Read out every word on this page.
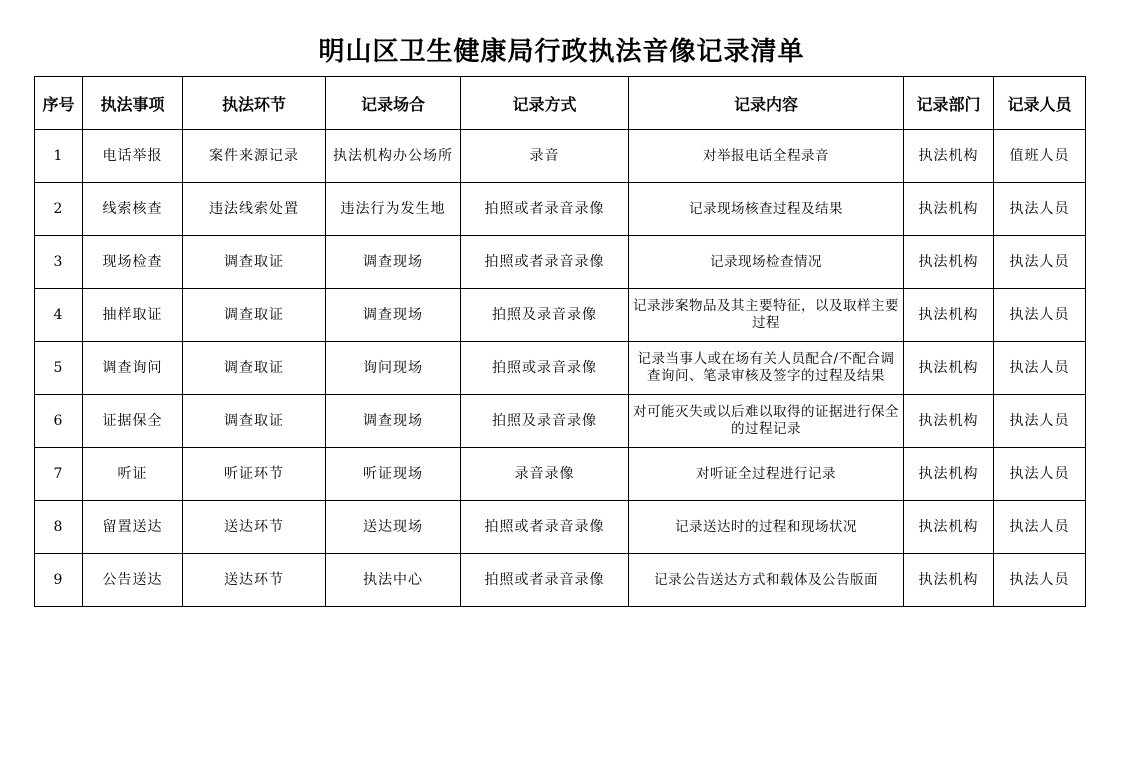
明山区卫生健康局行政执法音像记录清单
序号	执法事项	执法环节	记录场合	记录方式	记录内容	记录部门	记录人员
1	电话举报	案件来源记录	执法机构办公场所	录音	对举报电话全程录音	执法机构	值班人员
2	线索核查	违法线索处置	违法行为发生地	拍照或者录音录像	记录现场核查过程及结果	执法机构	执法人员
3	现场检查	调查取证	调查现场	拍照或者录音录像	记录现场检查情况	执法机构	执法人员
4	抽样取证	调查取证	调查现场	拍照及录音录像	记录涉案物品及其主要特征，以及取样主要过程	执法机构	执法人员
5	调查询问	调查取证	询问现场	拍照或录音录像	记录当事人或在场有关人员配合/不配合调查询问、笔录审核及签字的过程及结果	执法机构	执法人员
6	证据保全	调查取证	调查现场	拍照及录音录像	对可能灭失或以后难以取得的证据进行保全的过程记录	执法机构	执法人员
7	听证	听证环节	听证现场	录音录像	对听证全过程进行记录	执法机构	执法人员
8	留置送达	送达环节	送达现场	拍照或者录音录像	记录送达时的过程和现场状况	执法机构	执法人员
9	公告送达	送达环节	执法中心	拍照或者录音录像	记录公告送达方式和载体及公告版面	执法机构	执法人员
